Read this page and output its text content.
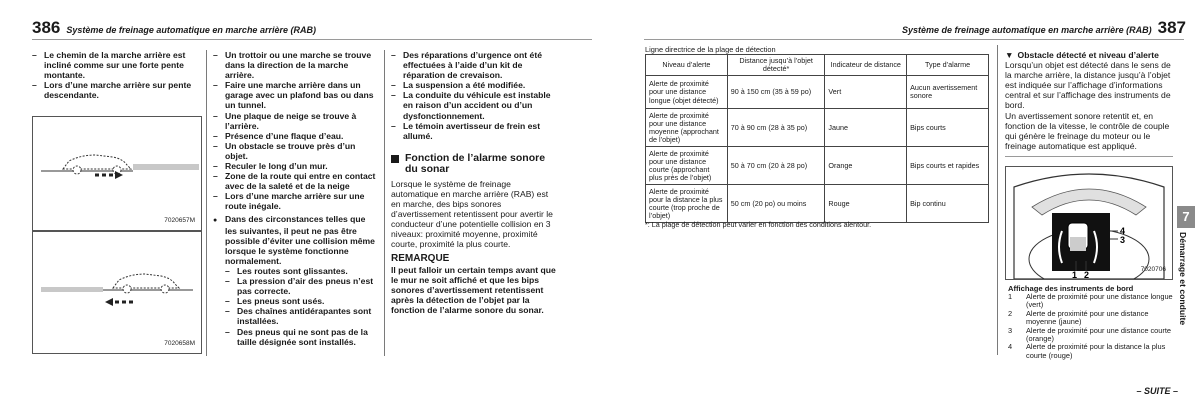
386 Système de freinage automatique en marche arrière (RAB)
– Le chemin de la marche arrière est incliné comme sur une forte pente montante.
– Lors d’une marche arrière sur pente descendante.
7020657M
7020658M
– Un trottoir ou une marche se trouve dans la direction de la marche arrière.
– Faire une marche arrière dans un garage avec un plafond bas ou dans un tunnel.
– Une plaque de neige se trouve à l’arrière.
– Présence d’une flaque d’eau.
– Un obstacle se trouve près d’un objet.
– Reculer le long d’un mur.
– Zone de la route qui entre en contact avec de la saleté et de la neige
– Lors d’une marche arrière sur une route inégale.
● Dans des circonstances telles que les suivantes, il peut ne pas être possible d’éviter une collision même lorsque le système fonctionne normalement.
– Les routes sont glissantes.
– La pression d’air des pneus n’est pas correcte.
– Les pneus sont usés.
– Des chaînes antidérapantes sont installées.
– Des pneus qui ne sont pas de la taille désignée sont installés.
– Des réparations d’urgence ont été effectuées à l’aide d’un kit de réparation de crevaison.
– La suspension a été modifiée.
– La conduite du véhicule est instable en raison d’un accident ou d’un dysfonctionnement.
– Le témoin avertisseur de frein est allumé.
Fonction de l’alarme sonore du sonar

Lorsque le système de freinage automatique en marche arrière (RAB) est en marche, des bips sonores d’avertissement retentissent pour avertir le conducteur d’une potentielle collision en 3 niveaux: proximité moyenne, proximité courte, proximité la plus courte.

REMARQUE

Il peut falloir un certain temps avant que le mur ne soit affiché et que les bips sonores d’avertissement retentissent après la détection de l’objet par la fonction de l’alarme sonore du sonar.

Système de freinage automatique en marche arrière (RAB) 387
Ligne directrice de la plage de détection
Niveau d’alerte	Distance jusqu’à l’objet détecté*	Indicateur de distance	Type d’alarme
Alerte de proximité pour une distance longue (objet détecté)	90 à 150 cm (35 à 59 po)	Vert	Aucun avertissement sonore
Alerte de proximité pour une distance moyenne (approchant de l’objet)	70 à 90 cm (28 à 35 po)	Jaune	Bips courts
Alerte de proximité pour une distance courte (approchant plus près de l’objet)	50 à 70 cm (20 à 28 po)	Orange	Bips courts et rapides
Alerte de proximité pour la distance la plus courte (trop proche de l’objet)	50 cm (20 po) ou moins	Rouge	Bip continu
*: La plage de détection peut varier en fonction des conditions alentour.
▼ Obstacle détecté et niveau d’alerte

Lorsqu’un objet est détecté dans le sens de la marche arrière, la distance jusqu’à l’objet est indiquée sur l’affichage d’informations central et sur l’affichage des instruments de bord.

Un avertissement sonore retentit et, en fonction de la vitesse, le contrôle de couple qui génère le freinage du moteur ou le freinage automatique est appliqué.

4
3
1 2
7020706
Affichage des instruments de bord
1	Alerte de proximité pour une distance longue (vert)
2	Alerte de proximité pour une distance moyenne (jaune)
3	Alerte de proximité pour une distance courte (orange)
4	Alerte de proximité pour la distance la plus courte (rouge)
7
Démarrage et conduite
– SUITE –
